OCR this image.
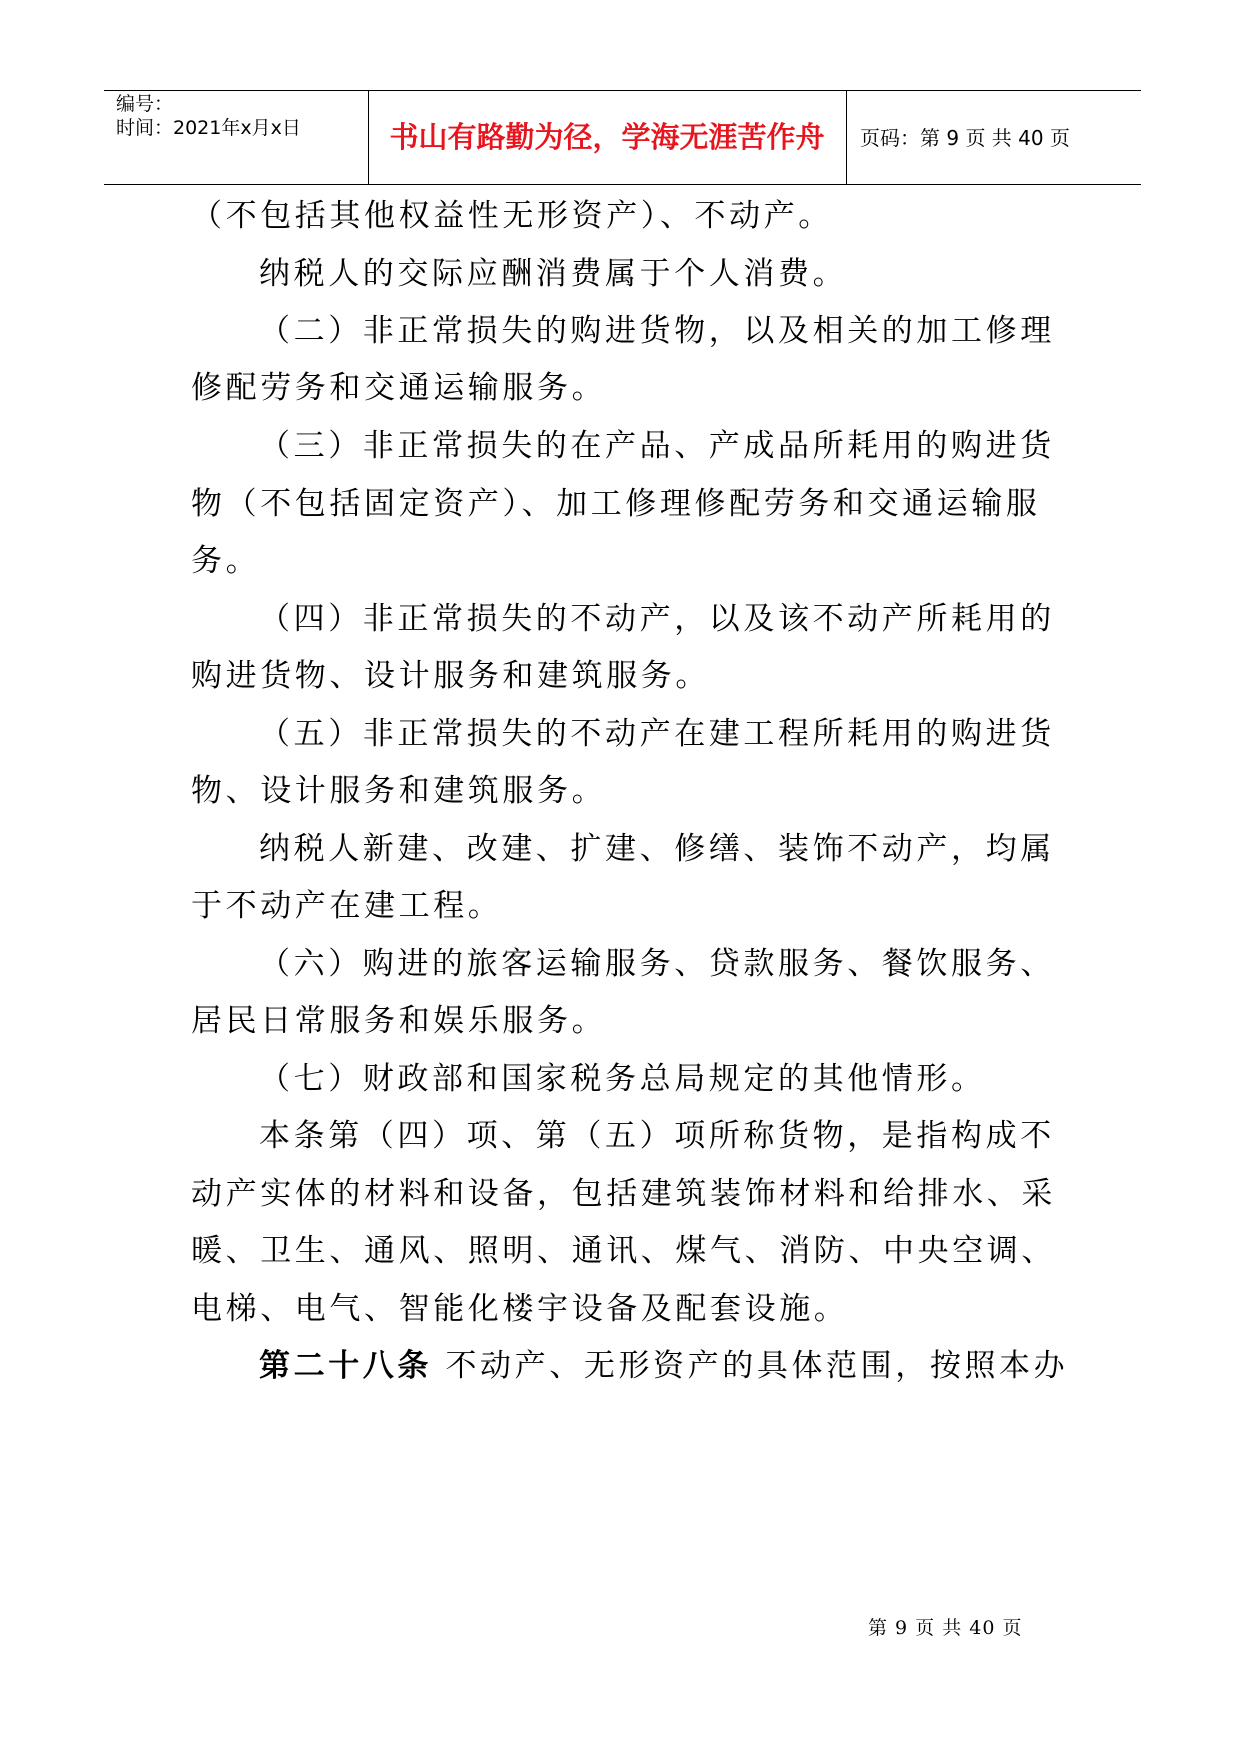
编号：
时间：2021年x月x日	书山有路勤为径，学海无涯苦作舟	页码：第 9 页 共 40 页
（不包括其他权益性无形资产）、不动产。
纳税人的交际应酬消费属于个人消费。
（二）非正常损失的购进货物，以及相关的加工修理
修配劳务和交通运输服务。
（三）非正常损失的在产品、产成品所耗用的购进货
物（不包括固定资产）、加工修理修配劳务和交通运输服
务。
（四）非正常损失的不动产，以及该不动产所耗用的
购进货物、设计服务和建筑服务。
（五）非正常损失的不动产在建工程所耗用的购进货
物、设计服务和建筑服务。
纳税人新建、改建、扩建、修缮、装饰不动产，均属
于不动产在建工程。
（六）购进的旅客运输服务、贷款服务、餐饮服务、
居民日常服务和娱乐服务。
（七）财政部和国家税务总局规定的其他情形。
本条第（四）项、第（五）项所称货物，是指构成不
动产实体的材料和设备，包括建筑装饰材料和给排水、采
暖、卫生、通风、照明、通讯、煤气、消防、中央空调、
电梯、电气、智能化楼宇设备及配套设施。
第二十八条 不动产、无形资产的具体范围，按照本办
第 9 页 共 40 页
